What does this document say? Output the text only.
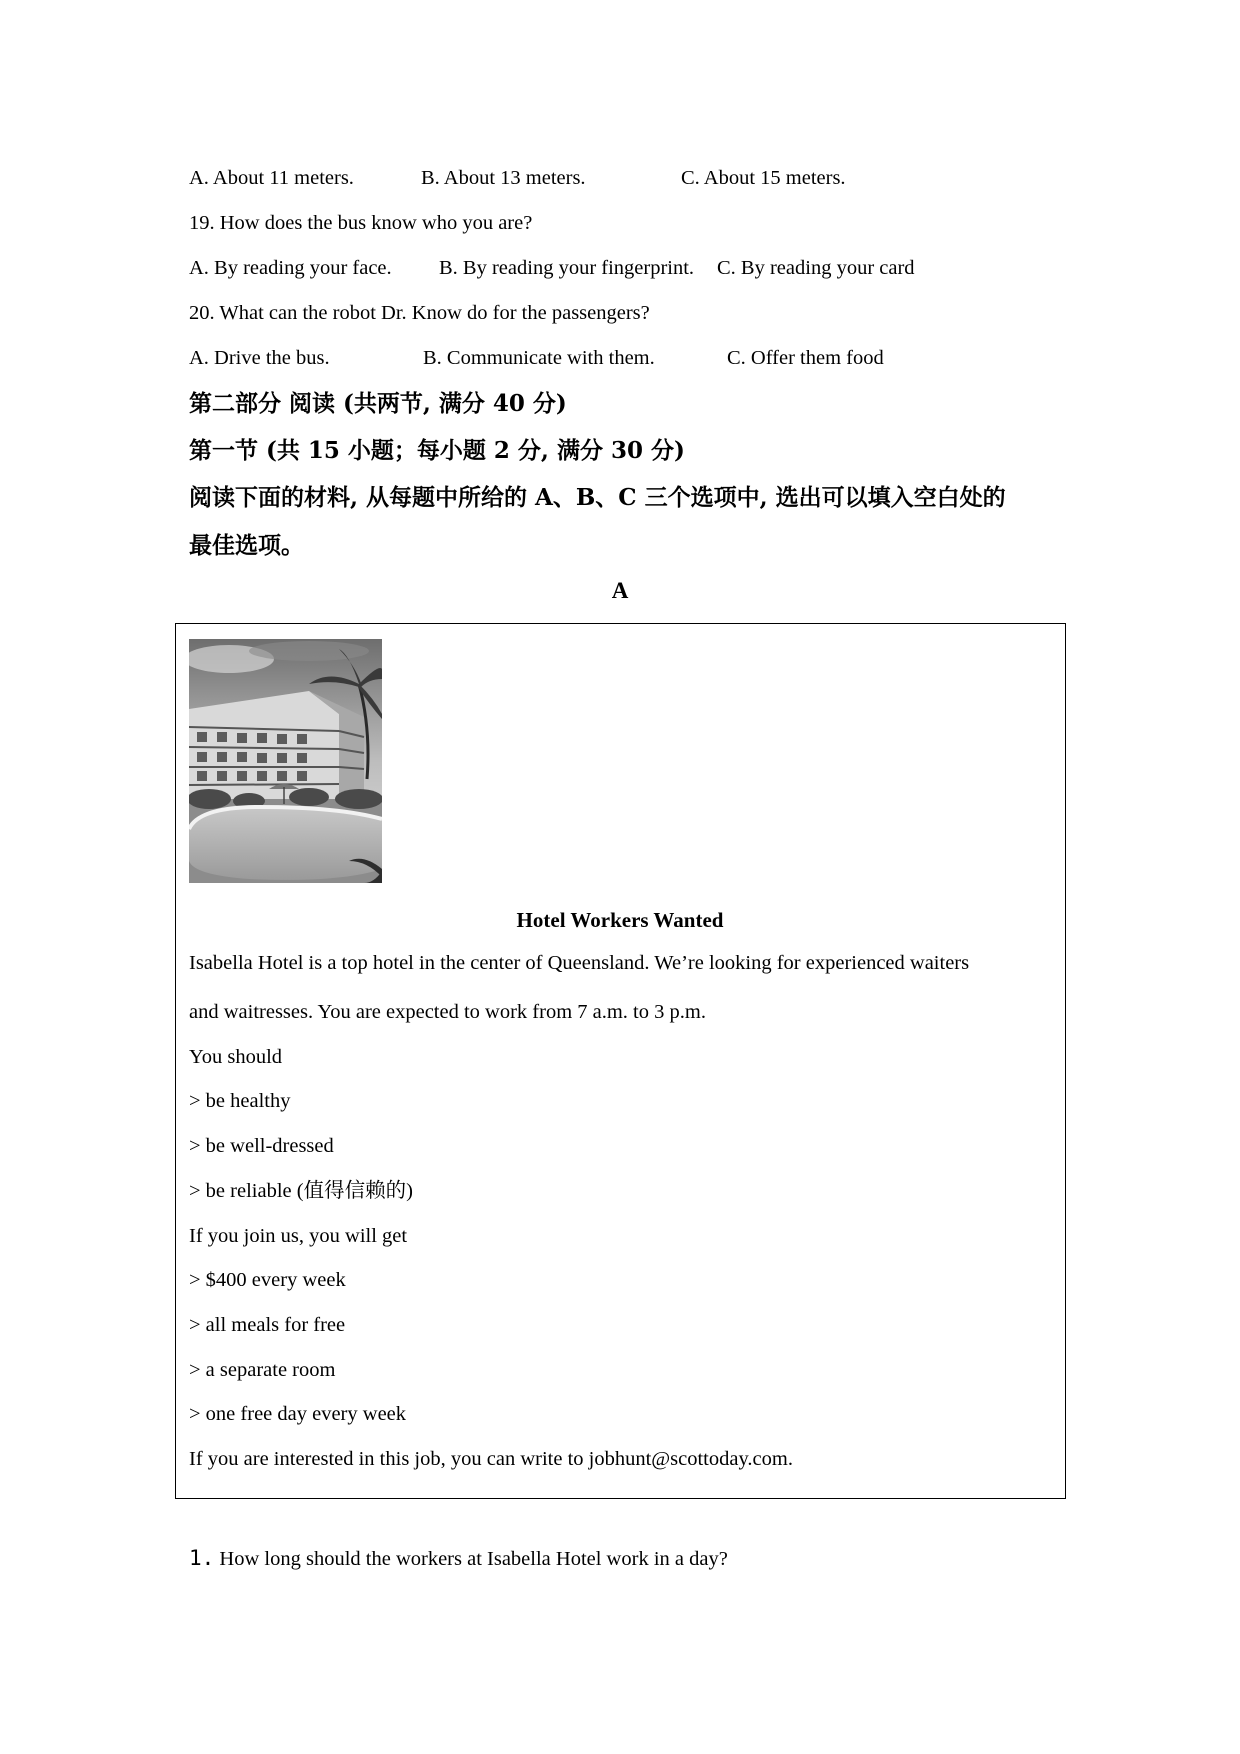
A. About 11 meters.	B. About 13 meters.	C. About 15 meters.
19. How does the bus know who you are?
A. By reading your face. B. By reading your fingerprint. C. By reading your card
20. What can the robot Dr. Know do for the passengers?
A. Drive the bus.	B. Communicate with them.	C. Offer them food
第二部分 阅读 (共两节, 满分 40 分)
第一节 (共 15 小题；每小题 2 分, 满分 30 分)
阅读下面的材料, 从每题中所给的 A、B、C 三个选项中, 选出可以填入空白处的
最佳选项。
A
Hotel Workers Wanted
Isabella Hotel is a top hotel in the center of Queensland. We’re looking for experienced waiters
and waitresses. You are expected to work from 7 a.m. to 3 p.m.
You should
> be healthy
> be well-dressed
> be reliable (值得信赖的)
If you join us, you will get
> $400 every week
> all meals for free
> a separate room
> one free day every week
If you are interested in this job, you can write to jobhunt@scottoday.com.
1. How long should the workers at Isabella Hotel work in a day?
